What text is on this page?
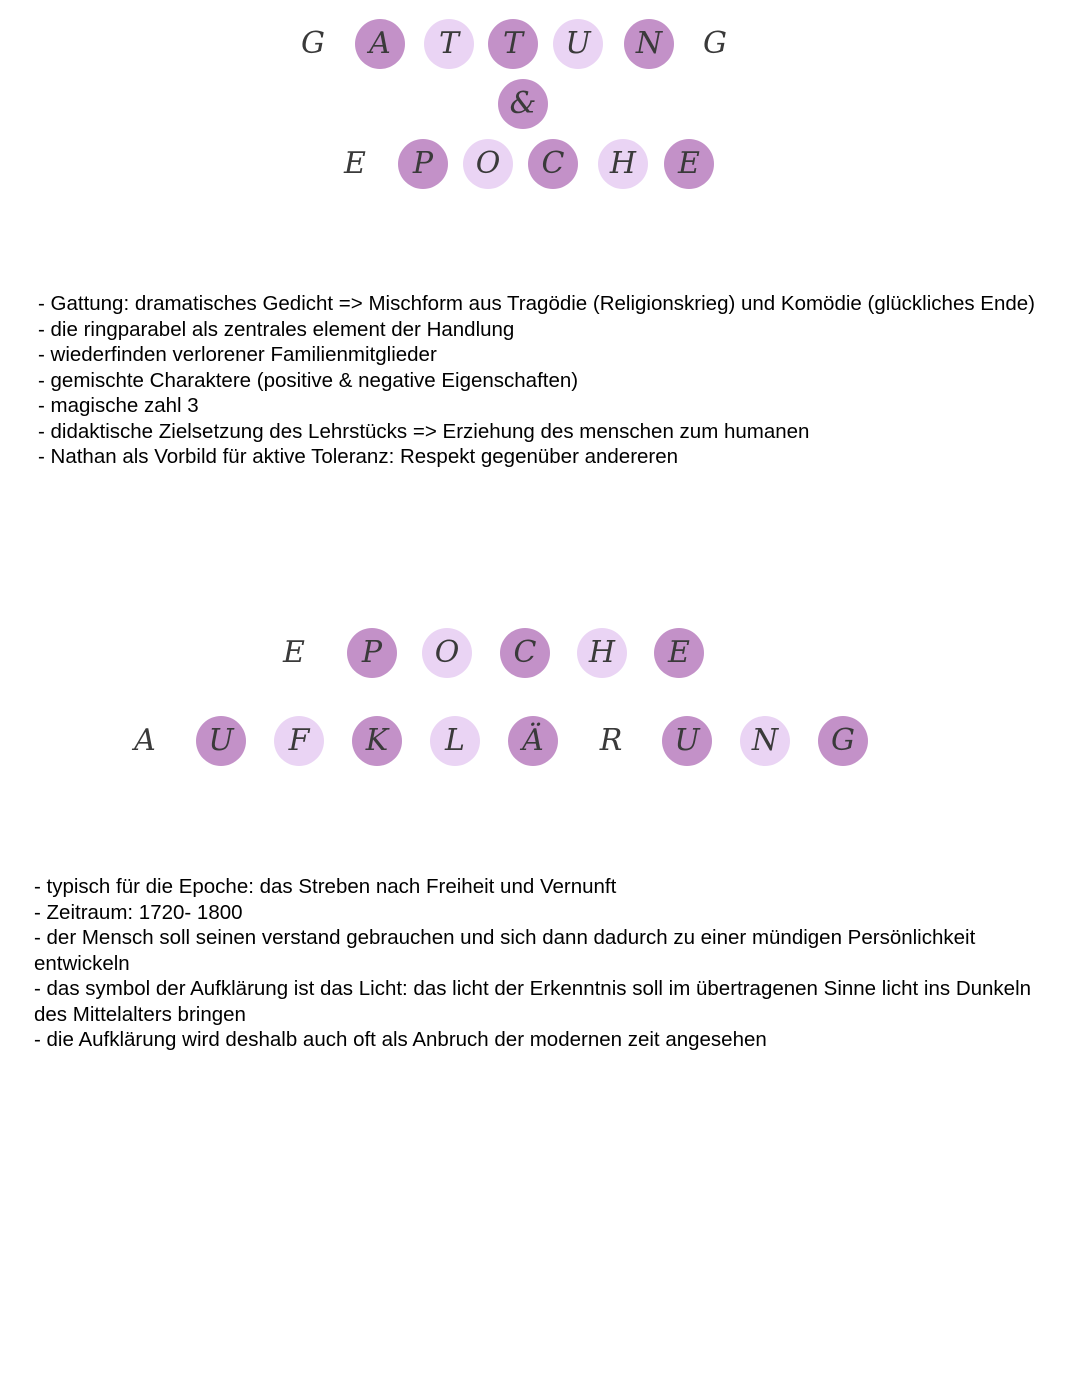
G	A	T	T	U	N	G
&
E	P	O	C	H	E
- Gattung: dramatisches Gedicht => Mischform aus Tragödie (Religionskrieg) und Komödie (glückliches Ende)
- die ringparabel als zentrales element der Handlung
- wiederfinden verlorener Familienmitglieder
- gemischte Charaktere (positive & negative Eigenschaften)
- magische zahl 3
- didaktische Zielsetzung des Lehrstücks => Erziehung des menschen zum humanen
- Nathan als Vorbild für aktive Toleranz: Respekt gegenüber andereren
E	P	O	C	H	E
A	U	F	K	L	Ä	R	U	N	G
- typisch für die Epoche: das Streben nach Freiheit und Vernunft
- Zeitraum: 1720- 1800
- der Mensch soll seinen verstand gebrauchen und sich dann dadurch zu einer mündigen Persönlichkeit entwickeln
- das symbol der Aufklärung ist das Licht: das licht der Erkenntnis soll im übertragenen Sinne licht ins Dunkeln des Mittelalters bringen
- die Aufklärung wird deshalb auch oft als Anbruch der modernen zeit angesehen
